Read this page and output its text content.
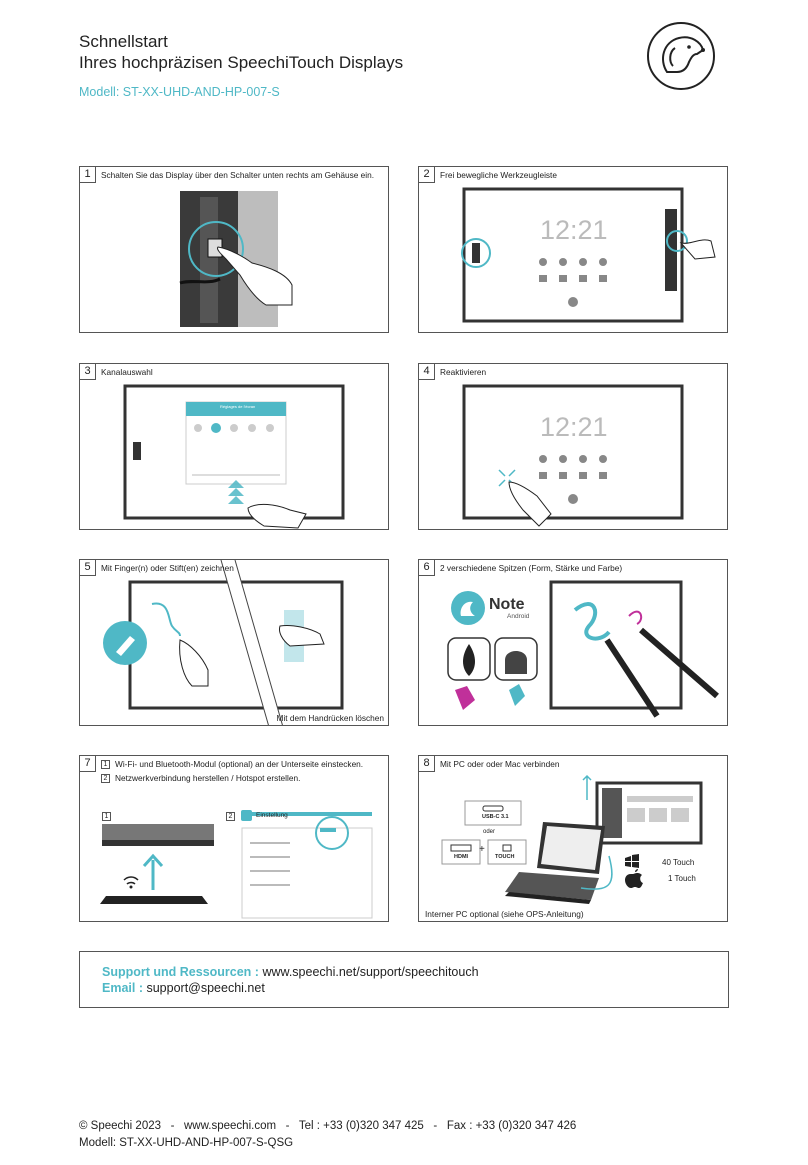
Schnellstart
Ihres hochpräzisen SpeechiTouch Displays
Modell: ST-XX-UHD-AND-HP-007-S
1	Schalten Sie das Display über den Schalter unten rechts am Gehäuse ein.	2	Frei bewegliche Werkzeugleiste
12:21
3	Kanalauswahl
Réglages de l'écran
4	Reaktivieren
12:21
5	Mit Finger(n) oder Stift(en) zeichnen
Mit dem Handrücken löschen
6	2 verschiedene Spitzen (Form, Stärke und Farbe)
Note
Android
7	1 Wi-Fi- und Bluetooth-Modul (optional) an der Unterseite einstecken.
2 Netzwerkverbindung herstellen / Hotspot erstellen.
1	2	Einstellung
8	Mit PC oder oder Mac verbinden
USB-C 3.1
oder
HDMI
+
TOUCH
40 Touch
1 Touch
Interner PC optional (siehe OPS-Anleitung)
Support und Ressourcen : www.speechi.net/support/speechitouch
Email : support@speechi.net
© Speechi 2023   -   www.speechi.com   -   Tel : +33 (0)320 347 425   -   Fax : +33 (0)320 347 426
Modell: ST-XX-UHD-AND-HP-007-S-QSG
